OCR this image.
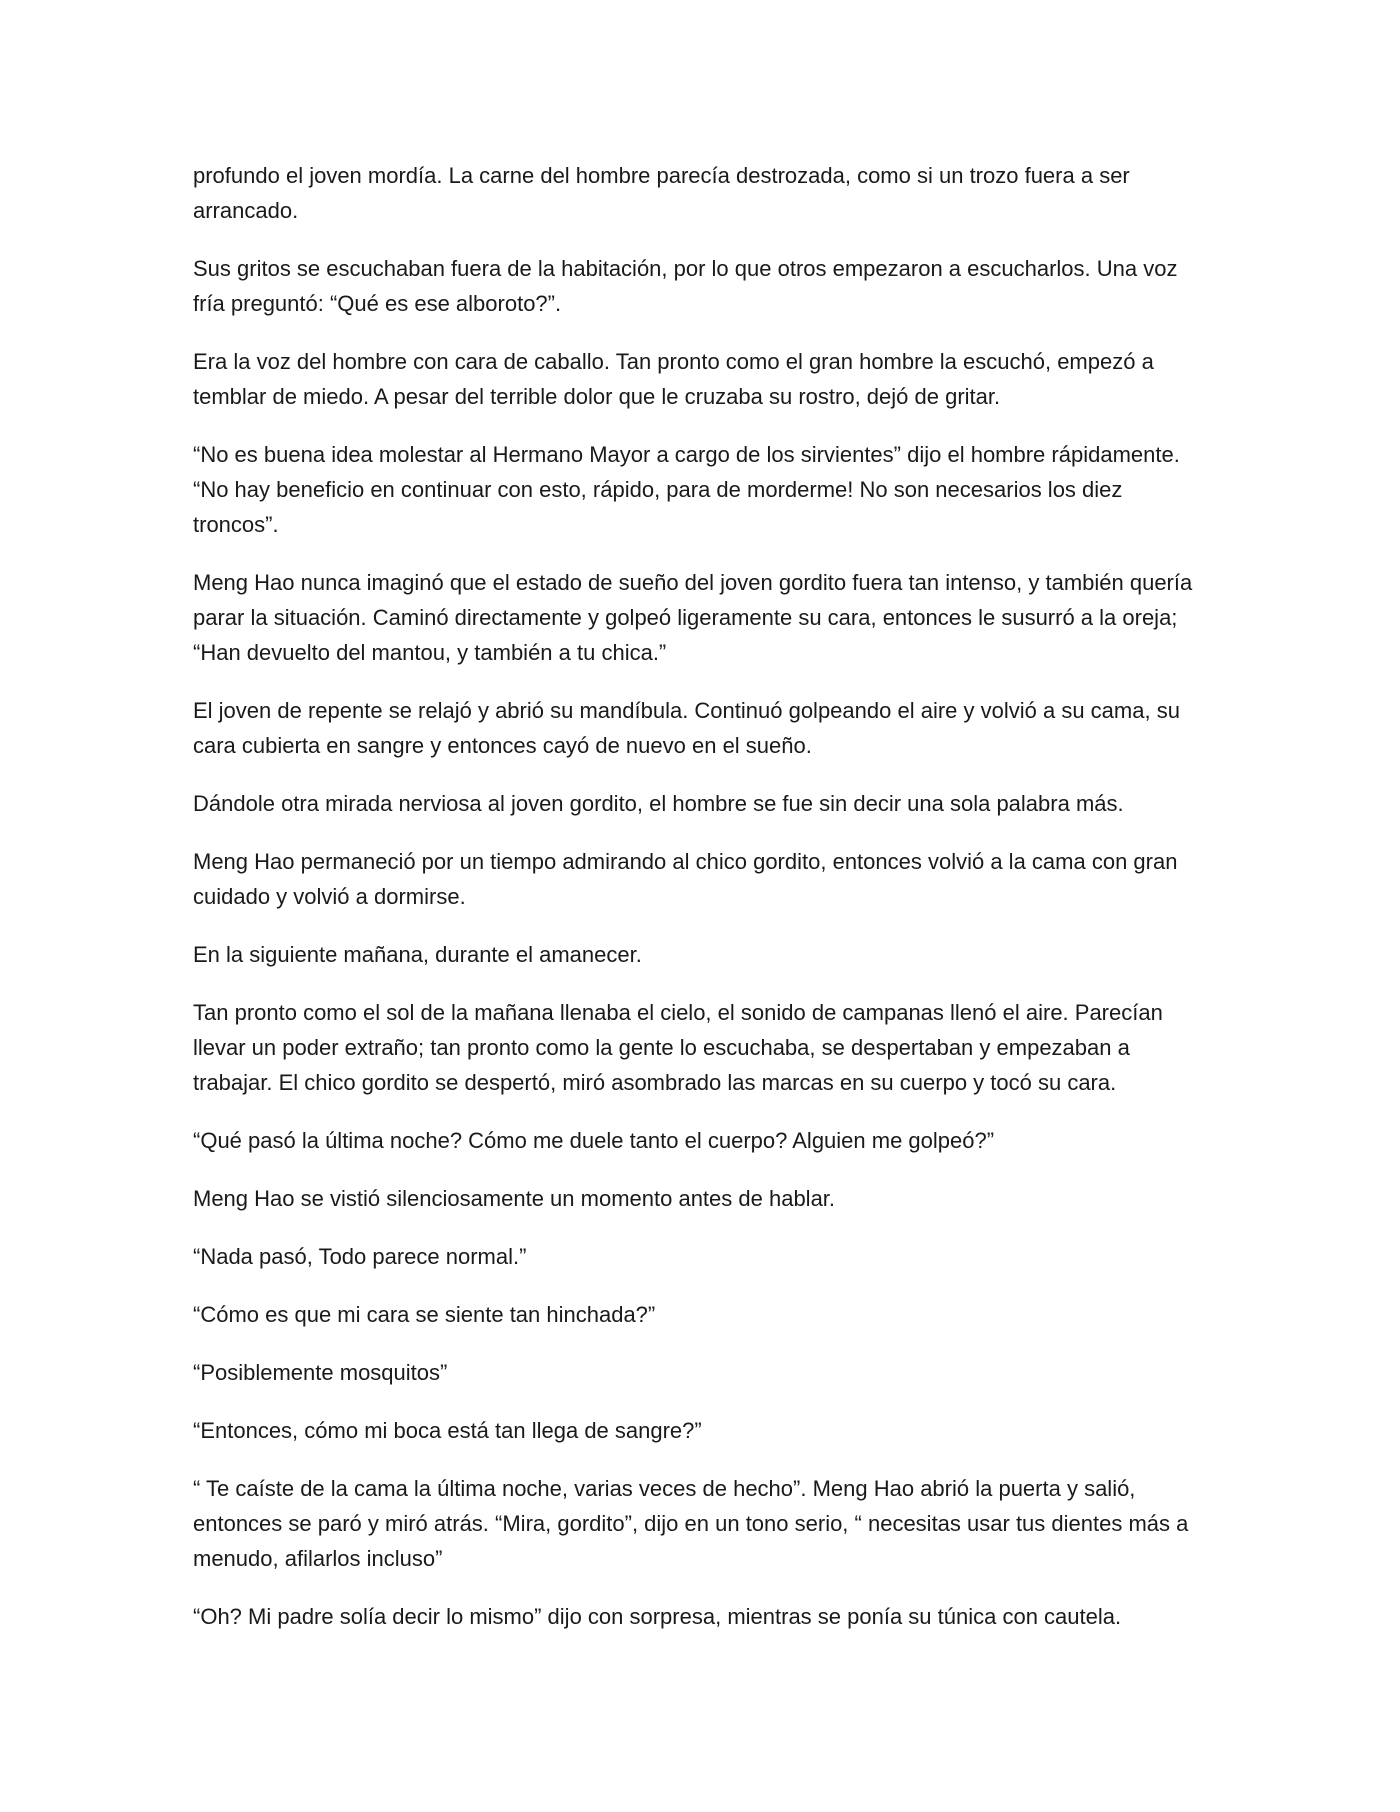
profundo el joven mordía. La carne del hombre parecía destrozada, como si un trozo fuera a ser arrancado.

Sus gritos se escuchaban fuera de la habitación, por lo que otros empezaron a escucharlos. Una voz fría preguntó: “Qué es ese alboroto?”.

Era la voz del hombre con cara de caballo. Tan pronto como el gran hombre la escuchó, empezó a temblar de miedo. A pesar del terrible dolor que le cruzaba su rostro, dejó de gritar.

“No es buena idea molestar al Hermano Mayor a cargo de los sirvientes” dijo el hombre rápidamente. “No hay beneficio en continuar con esto, rápido, para de morderme! No son necesarios los diez troncos”.

Meng Hao nunca imaginó que el estado de sueño del joven gordito fuera tan intenso, y también quería parar la situación. Caminó directamente y golpeó ligeramente su cara, entonces le susurró a la oreja; “Han devuelto del mantou, y también a tu chica.”

El joven de repente se relajó y abrió su mandíbula. Continuó golpeando el aire y volvió a su cama, su cara cubierta en sangre y entonces cayó de nuevo en el sueño.

Dándole otra mirada nerviosa al joven gordito, el hombre se fue sin decir una sola palabra más.

Meng Hao permaneció por un tiempo admirando al chico gordito, entonces volvió a la cama con gran cuidado y volvió a dormirse.

En la siguiente mañana, durante el amanecer.

Tan pronto como el sol de la mañana llenaba el cielo, el sonido de campanas llenó el aire. Parecían llevar un poder extraño; tan pronto como la gente lo escuchaba, se despertaban y empezaban a trabajar. El chico gordito se despertó, miró asombrado las marcas en su cuerpo y tocó su cara.

“Qué pasó la última noche? Cómo me duele tanto el cuerpo? Alguien me golpeó?”

Meng Hao se vistió silenciosamente un momento antes de hablar.

“Nada pasó, Todo parece normal.”

“Cómo es que mi cara se siente tan hinchada?”

“Posiblemente mosquitos”

“Entonces, cómo mi boca está tan llega de sangre?”

“ Te caíste de la cama la última noche, varias veces de hecho”. Meng Hao abrió la puerta y salió, entonces se paró y miró atrás. “Mira, gordito”, dijo en un tono serio, “ necesitas usar tus dientes más a menudo, afilarlos incluso”

“Oh? Mi padre solía decir lo mismo” dijo con sorpresa, mientras se ponía su túnica con cautela.
